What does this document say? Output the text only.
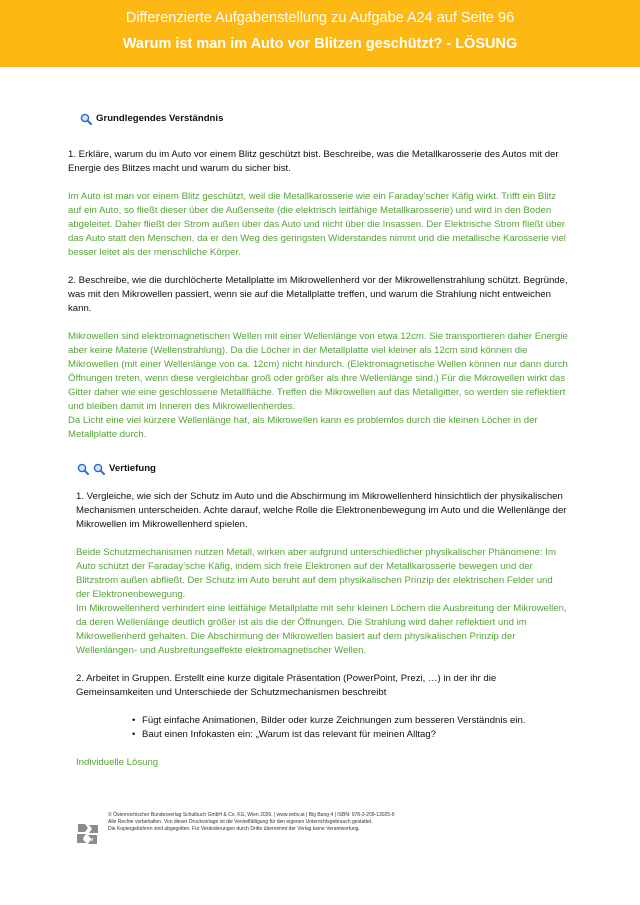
Differenzierte Aufgabenstellung zu Aufgabe A24 auf Seite 96
Warum ist man im Auto vor Blitzen geschützt? - LÖSUNG
Grundlegendes Verständnis

1. Erkläre, warum du im Auto vor einem Blitz geschützt bist. Beschreibe, was die Metallkarosserie des Autos mit der Energie des Blitzes macht und warum du sicher bist.

Im Auto ist man vor einem Blitz geschützt, weil die Metallkarosserie wie ein Faraday’scher Käfig wirkt. Trifft ein Blitz auf ein Auto, so fließt dieser über die Außenseite (die elektrisch leitfähige Metallkarosserie) und wird in den Boden abgeleitet. Daher fließt der Strom außen über das Auto und nicht über die Insassen. Der Elektrische Strom fließt über das Auto statt den Menschen, da er den Weg des geringsten Widerstandes nimmt und die metallische Karosserie viel besser leitet als der menschliche Körper.

2. Beschreibe, wie die durchlöcherte Metallplatte im Mikrowellenherd vor der Mikrowellenstrahlung schützt. Begründe, was mit den Mikrowellen passiert, wenn sie auf die Metallplatte treffen, und warum die Strahlung nicht entweichen kann.

Mikrowellen sind elektromagnetischen Wellen mit einer Wellenlänge von etwa 12cm. Sie transportieren daher Energie aber keine Materie (Wellenstrahlung). Da die Löcher in der Metallplatte viel kleiner als 12cm sind können die Mikrowellen (mit einer Wellenlänge von ca. 12cm) nicht hindurch. (Elektromagnetische Wellen können nur dann durch Öffnungen treten, wenn diese vergleichbar groß oder größer als ihre Wellenlänge sind.) Für die Mikrowellen wirkt das Gitter daher wie eine geschlossene Metallfläche. Treffen die Mikrowellen auf das Metallgitter, so werden sie reflektiert und bleiben damit im Inneren des Mikrowellenherdes.

Da Licht eine viel kürzere Wellenlänge hat, als Mikrowellen kann es problemlos durch die kleinen Löcher in der Metallplatte durch.

Vertiefung

1. Vergleiche, wie sich der Schutz im Auto und die Abschirmung im Mikrowellenherd hinsichtlich der physikalischen Mechanismen unterscheiden. Achte darauf, welche Rolle die Elektronenbewegung im Auto und die Wellenlänge der Mikrowellen im Mikrowellenherd spielen.

Beide Schutzmechanismen nutzen Metall, wirken aber aufgrund unterschiedlicher physikalischer Phänomene: Im Auto schützt der Faraday’sche Käfig, indem sich freie Elektronen auf der Metallkarosserie bewegen und der Blitzstrom außen abfließt. Der Schutz im Auto beruht auf dem physikalischen Prinzip der elektrischen Felder und der Elektronenbewegung.

Im Mikrowellenherd verhindert eine leitfähige Metallplatte mit sehr kleinen Löchern die Ausbreitung der Mikrowellen, da deren Wellenlänge deutlich größer ist als die der Öffnungen. Die Strahlung wird daher reflektiert und im Mikrowellenherd gehalten. Die Abschirmung der Mikrowellen basiert auf dem physikalischen Prinzip der Wellenlängen- und Ausbreitungseffekte elektromagnetischer Wellen.

2. Arbeitet in Gruppen. Erstellt eine kurze digitale Präsentation (PowerPoint, Prezi, …) in der ihr die Gemeinsamkeiten und Unterschiede der Schutzmechanismen beschreibt

• Fügt einfache Animationen, Bilder oder kurze Zeichnungen zum besseren Verständnis ein.
• Baut einen Infokasten ein: „Warum ist das relevant für meinen Alltag?

Individuelle Lösung

öbv
© Österreichischer Bundesverlag Schulbuch GmbH & Co. KG, Wien 2026. | www.oebv.at | Big Bang 4 | ISBN: 978-3-209-13025-9
Alle Rechte vorbehalten. Von dieser Druckvorlage ist die Vervielfältigung für den eigenen Unterrichtsgebrauch gestattet.
Die Kopiergebühren sind abgegolten. Für Veränderungen durch Dritte übernimmt der Verlag keine Verantwortung.
